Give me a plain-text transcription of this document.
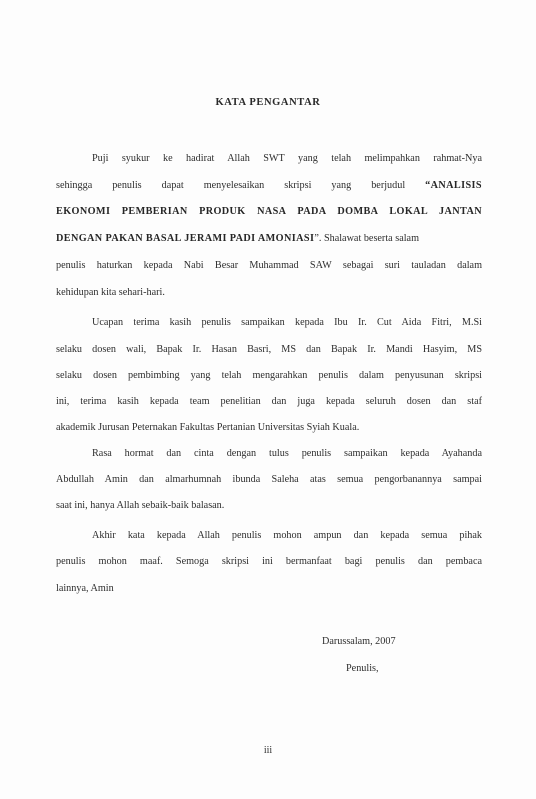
KATA PENGANTAR
Puji syukur ke hadirat Allah SWT yang telah melimpahkan rahmat-Nya
sehingga penulis dapat menyelesaikan skripsi yang berjudul “ANALISIS
EKONOMI PEMBERIAN PRODUK NASA PADA DOMBA LOKAL JANTAN
DENGAN PAKAN BASAL JERAMI PADI AMONIASI”. Shalawat beserta salam
penulis haturkan kepada Nabi Besar Muhammad SAW sebagai suri tauladan dalam
kehidupan kita sehari-hari.
Ucapan terima kasih penulis sampaikan kepada Ibu Ir. Cut Aida Fitri, M.Si
selaku dosen wali, Bapak Ir. Hasan Basri, MS dan Bapak Ir. Mandi Hasyim, MS
selaku dosen pembimbing yang telah mengarahkan penulis dalam penyusunan skripsi
ini, terima kasih kepada team penelitian dan juga kepada seluruh dosen dan staf
akademik Jurusan Peternakan Fakultas Pertanian Universitas Syiah Kuala.
Rasa hormat dan cinta dengan tulus penulis sampaikan kepada Ayahanda
Abdullah Amin dan almarhumnah ibunda Saleha atas semua pengorbanannya sampai
saat ini, hanya Allah sebaik-baik balasan.
Akhir kata kepada Allah penulis mohon ampun dan kepada semua pihak
penulis mohon maaf. Semoga skripsi ini bermanfaat bagi penulis dan pembaca
lainnya, Amin
Darussalam, 2007
Penulis,
iii
